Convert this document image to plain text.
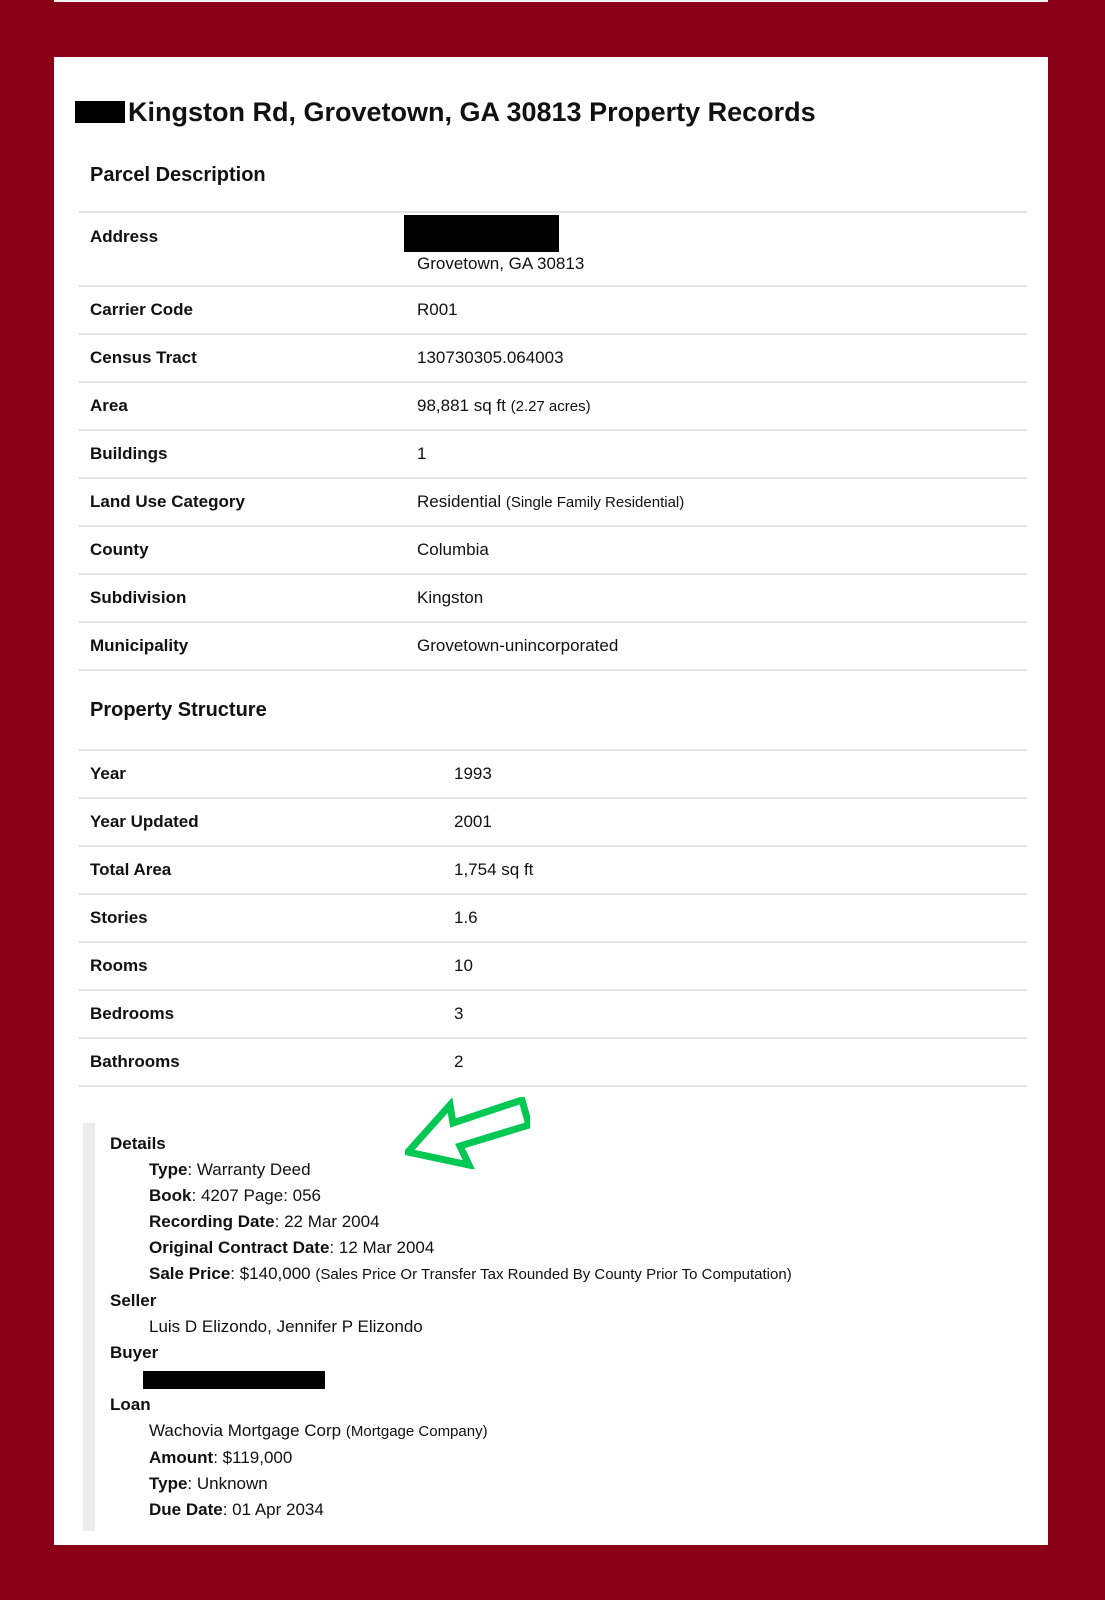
Kingston Rd, Grovetown, GA 30813 Property Records
Parcel Description
Address	Grovetown, GA 30813

Carrier Code	R001
Census Tract	130730305.064003
Area	98,881 sq ft (2.27 acres)
Buildings	1
Land Use Category	Residential (Single Family Residential)
County	Columbia
Subdivision	Kingston
Municipality	Grovetown-unincorporated
Property Structure
Year	1993
Year Updated	2001
Total Area	1,754 sq ft
Stories	1.6
Rooms	10
Bedrooms	3
Bathrooms	2
Details
Type: Warranty Deed
Book: 4207 Page: 056
Recording Date: 22 Mar 2004
Original Contract Date: 12 Mar 2004
Sale Price: $140,000 (Sales Price Or Transfer Tax Rounded By County Prior To Computation)
Seller
Luis D Elizondo, Jennifer P Elizondo
Buyer
Loan
Wachovia Mortgage Corp (Mortgage Company)
Amount: $119,000
Type: Unknown
Due Date: 01 Apr 2034
